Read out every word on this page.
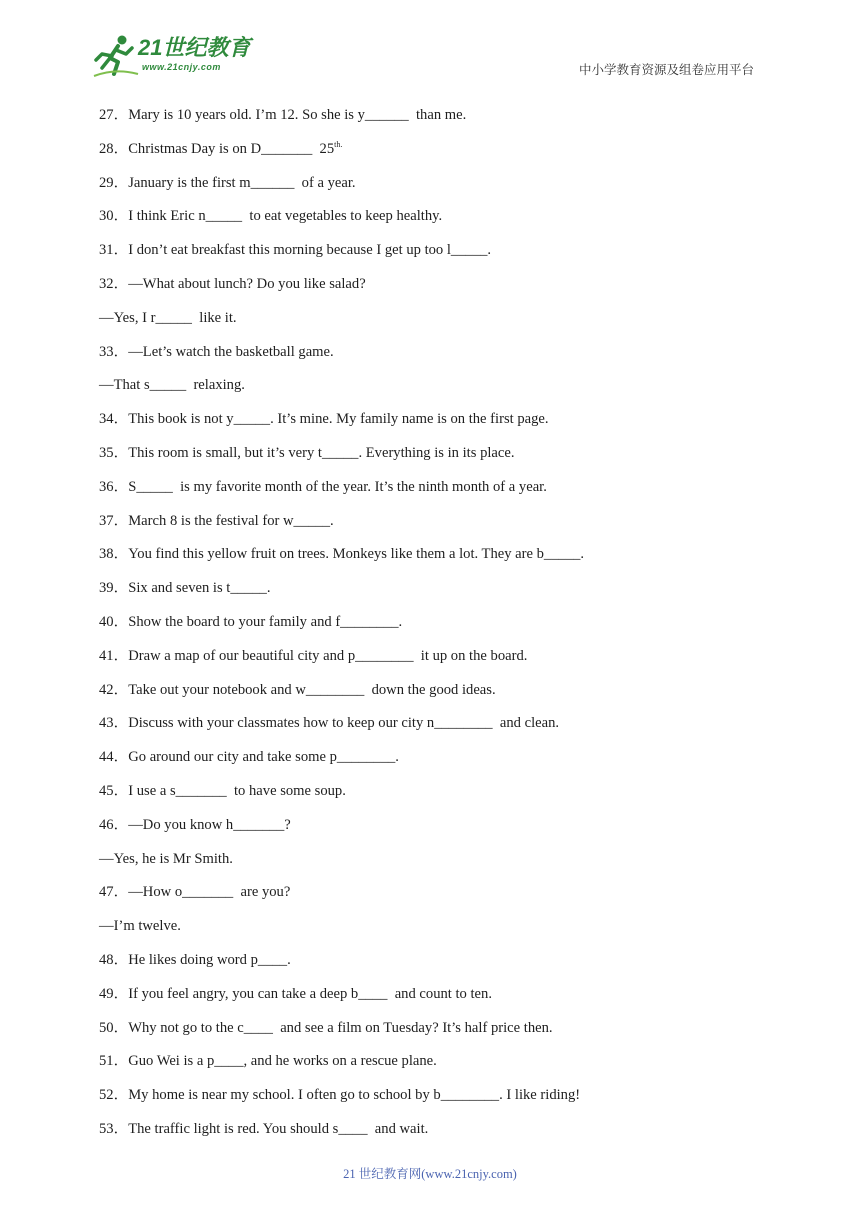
21世纪教育
www.21cnjy.com	中小学教育资源及组卷应用平台
27．Mary is 10 years old. I’m 12. So she is y______  than me.
28．Christmas Day is on D_______  $25^{th.}$
29．January is the first m______  of a year.
30．I think Eric n_____  to eat vegetables to keep healthy.
31．I don’t eat breakfast this morning because I get up too l_____.
32．—What about lunch? Do you like salad?
—Yes, I r_____  like it.
33．—Let’s watch the basketball game.
—That s_____  relaxing.
34．This book is not y_____. It’s mine. My family name is on the first page.
35．This room is small, but it’s very t_____. Everything is in its place.
36．S_____  is my favorite month of the year. It’s the ninth month of a year.
37．March 8 is the festival for w_____.
38．You find this yellow fruit on trees. Monkeys like them a lot. They are b_____.
39．Six and seven is t_____.
40．Show the board to your family and f________.
41．Draw a map of our beautiful city and p________  it up on the board.
42．Take out your notebook and w________  down the good ideas.
43．Discuss with your classmates how to keep our city n________  and clean.
44．Go around our city and take some p________.
45．I use a s_______  to have some soup.
46．—Do you know h_______?
—Yes, he is Mr Smith.
47．—How o_______  are you?
—I’m twelve.
48．He likes doing word p____.
49．If you feel angry, you can take a deep b____  and count to ten.
50．Why not go to the c____  and see a film on Tuesday? It’s half price then.
51．Guo Wei is a p____, and he works on a rescue plane.
52．My home is near my school. I often go to school by b________. I like riding!
53．The traffic light is red. You should s____  and wait.
21 世纪教育网(www.21cnjy.com)
